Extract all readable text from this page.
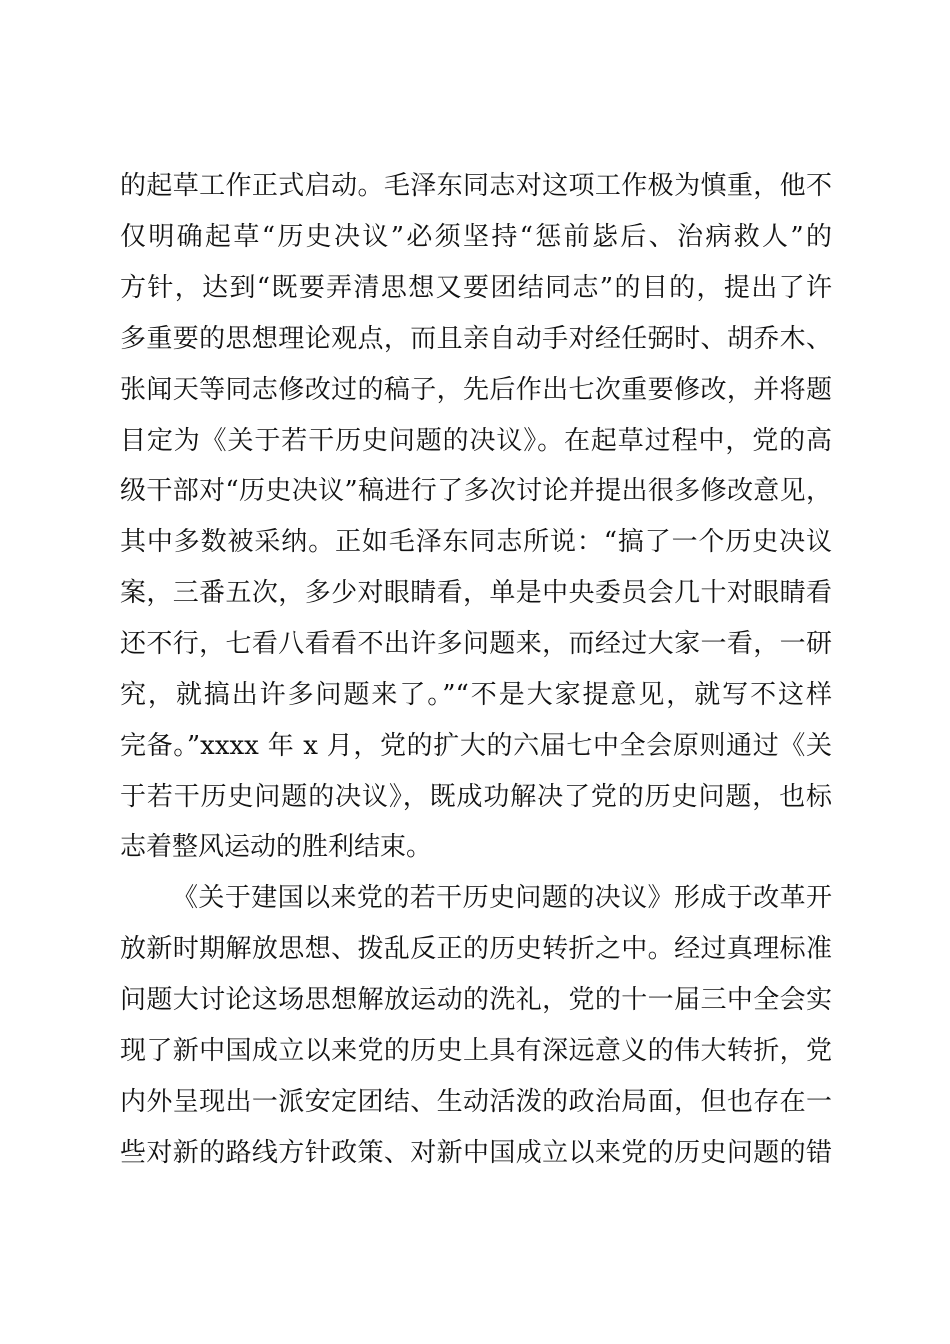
的起草工作正式启动。毛泽东同志对这项工作极为慎重，他不
仅明确起草“历史决议”必须坚持“惩前毖后、治病救人”的
方针，达到“既要弄清思想又要团结同志”的目的，提出了许
多重要的思想理论观点，而且亲自动手对经任弼时、胡乔木、
张闻天等同志修改过的稿子，先后作出七次重要修改，并将题
目定为《关于若干历史问题的决议》。在起草过程中，党的高
级干部对“历史决议”稿进行了多次讨论并提出很多修改意见，
其中多数被采纳。正如毛泽东同志所说：“搞了一个历史决议
案，三番五次，多少对眼睛看，单是中央委员会几十对眼睛看
还不行，七看八看看不出许多问题来，而经过大家一看，一研
究，就搞出许多问题来了。”“不是大家提意见，就写不这样
完备。”xxxx 年 x 月，党的扩大的六届七中全会原则通过《关
于若干历史问题的决议》，既成功解决了党的历史问题，也标
志着整风运动的胜利结束。
《关于建国以来党的若干历史问题的决议》形成于改革开
放新时期解放思想、拨乱反正的历史转折之中。经过真理标准
问题大讨论这场思想解放运动的洗礼，党的十一届三中全会实
现了新中国成立以来党的历史上具有深远意义的伟大转折，党
内外呈现出一派安定团结、生动活泼的政治局面，但也存在一
些对新的路线方针政策、对新中国成立以来党的历史问题的错
